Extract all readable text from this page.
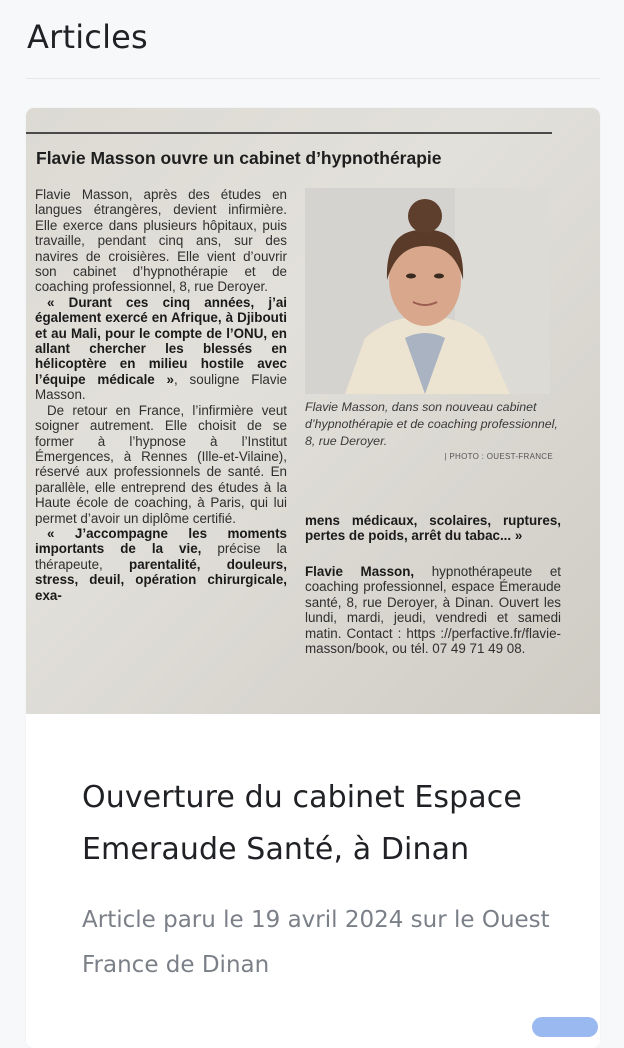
Articles
Flavie Masson ouvre un cabinet d’hypnothérapie

Flavie Masson, après des études en langues étrangères, devient infirmière. Elle exerce dans plusieurs hôpitaux, puis travaille, pendant cinq ans, sur des navires de croisières. Elle vient d’ouvrir son cabinet d’hypnothérapie et de coaching professionnel, 8, rue Deroyer.

« Durant ces cinq années, j’ai également exercé en Afrique, à Djibouti et au Mali, pour le compte de l’ONU, en allant chercher les blessés en hélicoptère en milieu hostile avec l’équipe médicale », souligne Flavie Masson.

De retour en France, l’infirmière veut soigner autrement. Elle choisit de se former à l’hypnose à l’Institut Émergences, à Rennes (Ille-et-Vilaine), réservé aux professionnels de santé. En parallèle, elle entreprend des études à la Haute école de coaching, à Paris, qui lui permet d’avoir un diplôme certifié.

« J’accompagne les moments importants de la vie, précise la thérapeute, parentalité, douleurs, stress, deuil, opération chirurgicale, exa-

Flavie Masson, dans son nouveau cabinet d’hypnothérapie et de coaching professionnel, 8, rue Deroyer.
| PHOTO : OUEST-FRANCE

mens médicaux, scolaires, ruptures, pertes de poids, arrêt du tabac... »

Flavie Masson, hypnothérapeute et coaching professionnel, espace Émeraude santé, 8, rue Deroyer, à Dinan. Ouvert les lundi, mardi, jeudi, vendredi et samedi matin. Contact : https ://perfactive.fr/flavie-masson/book, ou tél. 07 49 71 49 08.

Ouverture du cabinet Espace Emeraude Santé, à Dinan
Article paru le 19 avril 2024 sur le Ouest France de Dinan
